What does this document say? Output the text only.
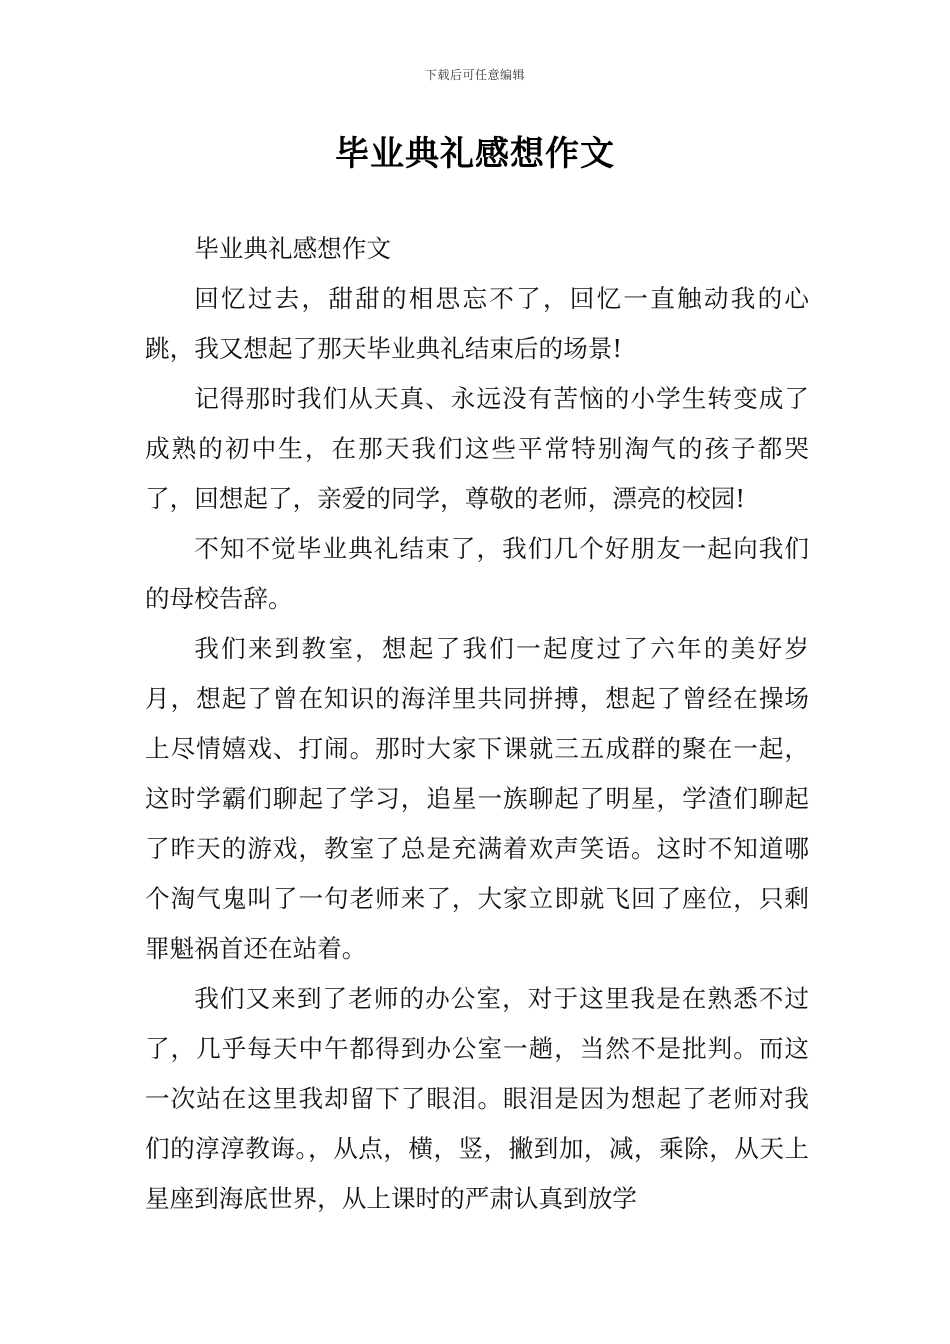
下载后可任意编辑
毕业典礼感想作文

毕业典礼感想作文

回忆过去，甜甜的相思忘不了，回忆一直触动我的心跳，我又想起了那天毕业典礼结束后的场景!

记得那时我们从天真、永远没有苦恼的小学生转变成了成熟的初中生，在那天我们这些平常特别淘气的孩子都哭了，回想起了，亲爱的同学，尊敬的老师，漂亮的校园!

不知不觉毕业典礼结束了，我们几个好朋友一起向我们的母校告辞。

我们来到教室，想起了我们一起度过了六年的美好岁月，想起了曾在知识的海洋里共同拼搏，想起了曾经在操场上尽情嬉戏、打闹。那时大家下课就三五成群的聚在一起，这时学霸们聊起了学习，追星一族聊起了明星，学渣们聊起了昨天的游戏，教室了总是充满着欢声笑语。这时不知道哪个淘气鬼叫了一句老师来了，大家立即就飞回了座位，只剩罪魁祸首还在站着。

我们又来到了老师的办公室，对于这里我是在熟悉不过了，几乎每天中午都得到办公室一趟，当然不是批判。而这一次站在这里我却留下了眼泪。眼泪是因为想起了老师对我们的淳淳教诲。，从点，横，竖，撇到加，减，乘除，从天上星座到海底世界，从上课时的严肃认真到放学
